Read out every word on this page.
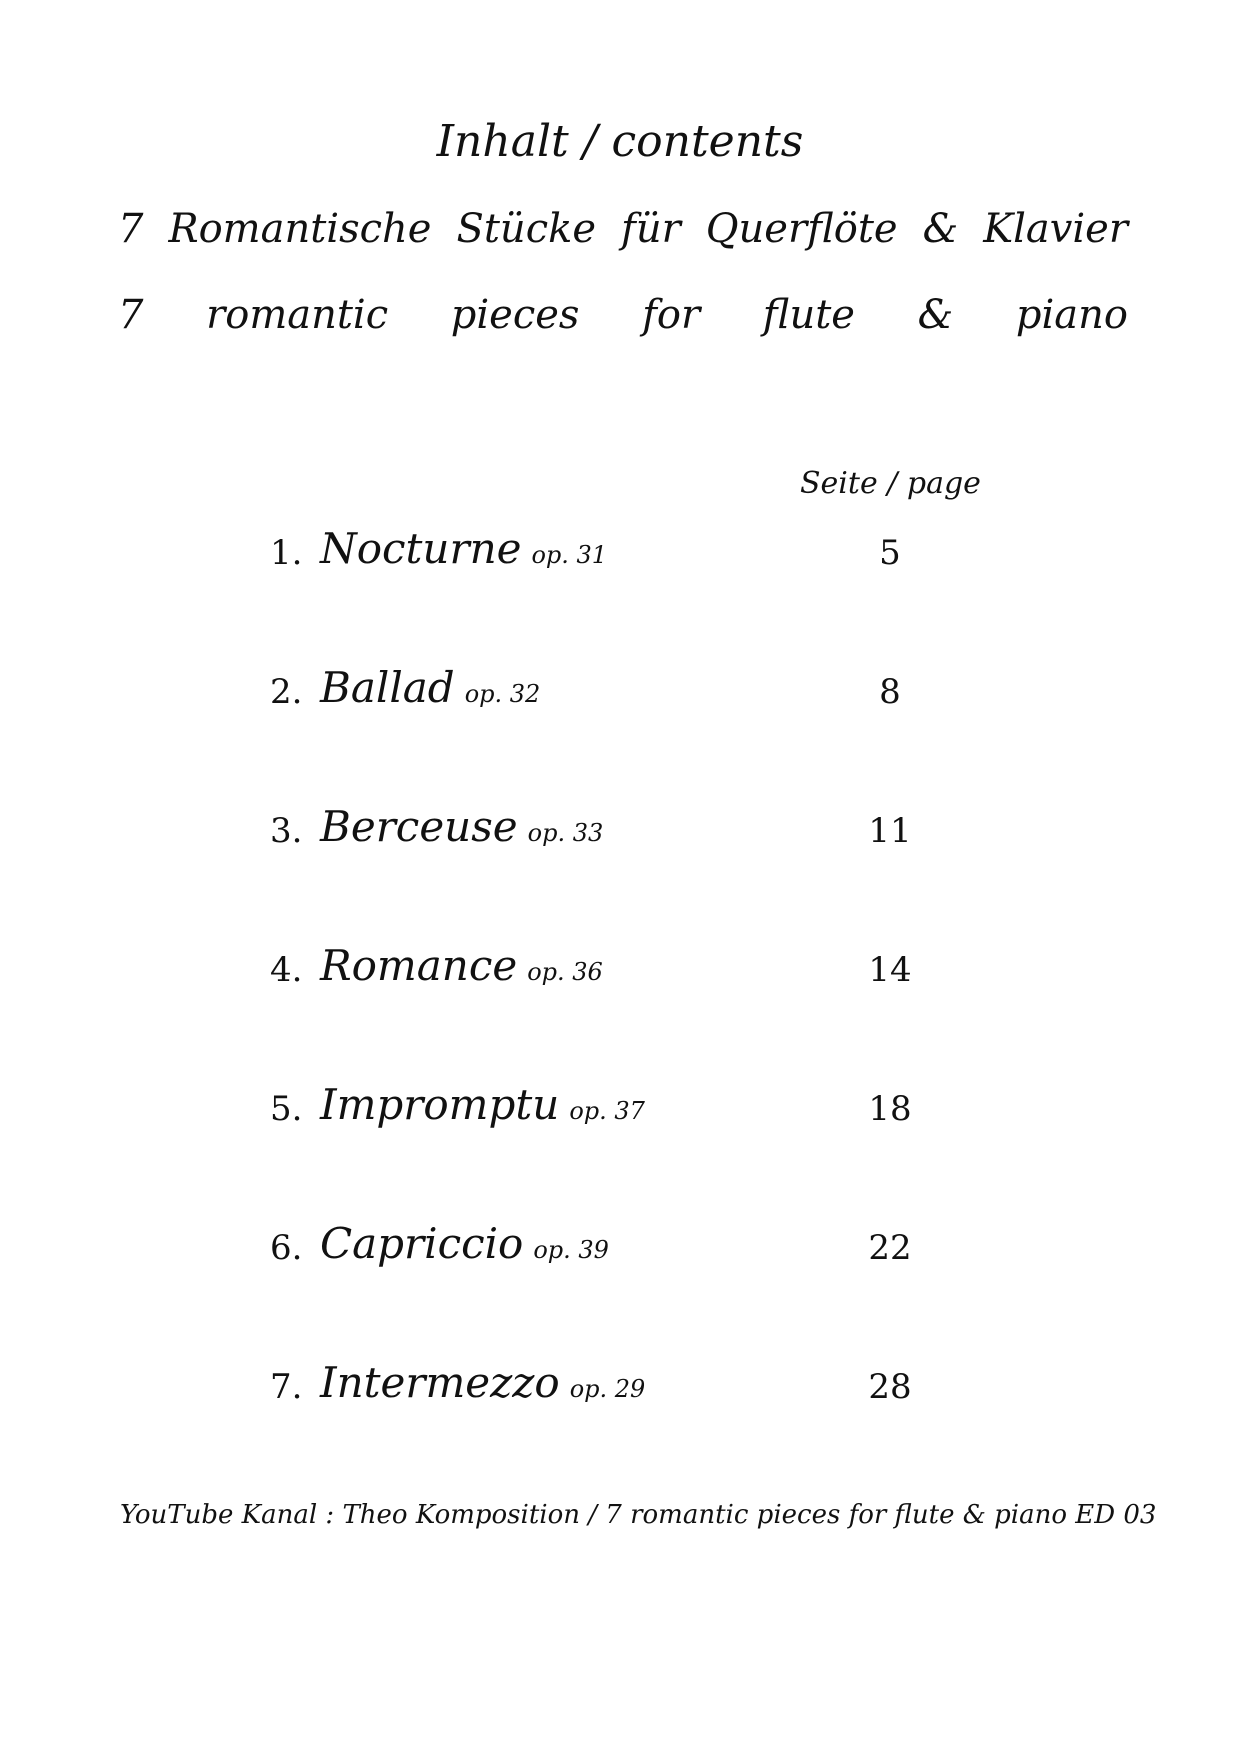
Inhalt / contents
7 Romantische Stücke für Querflöte & Klavier
7 romantic pieces for flute & piano
Seite / page
1. Nocturne op. 31	5
2. Ballad op. 32	8
3. Berceuse op. 33	11
4. Romance op. 36	14
5. Impromptu op. 37	18
6. Capriccio op. 39	22
7. Intermezzo op. 29	28
YouTube Kanal : Theo Komposition / 7 romantic pieces for flute & piano ED 03
